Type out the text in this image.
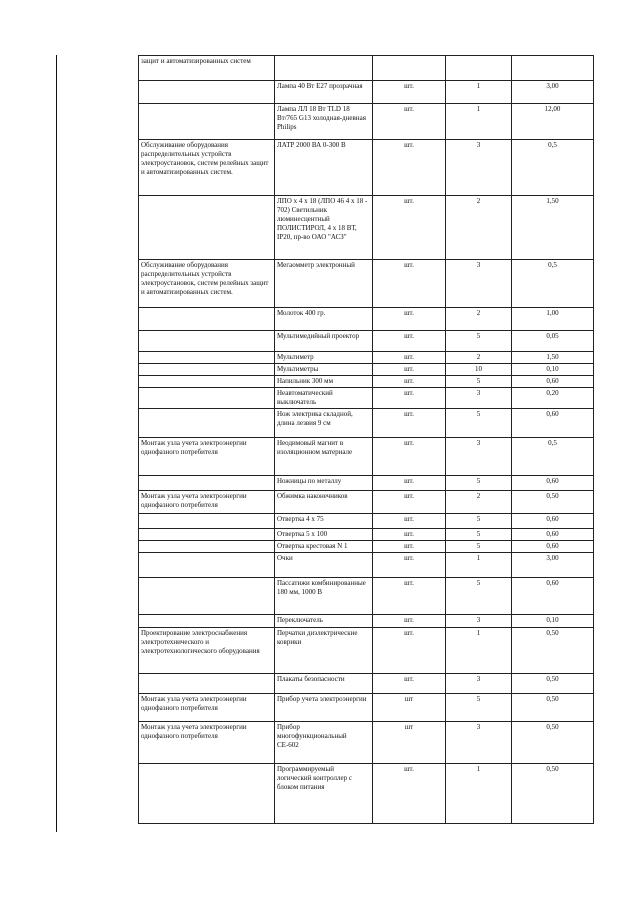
защит и автоматизированных систем				
	Лампа 40 Вт Е27 прозрачная	шт.	1	3,00
	Лампа ЛЛ 18 Вт TLD 18 Вт/765 G13 холодная-дневная Philips	шт.	1	12,00
Обслуживание оборудования распределительных устройств электроустановок, систем релейных защит и автоматизированных систем.	ЛАТР 2000 ВА 0-300 В	шт.	3	0,5
	ЛПО х 4 х 18 (ЛПО 46 4 х 18 - 702) Светильник люминесцентный ПОЛИСТИРОЛ, 4 х 18 ВТ, IP20, пр-во ОАО "АСЗ"	шт.	2	1,50
Обслуживание оборудования распределительных устройств электроустановок, систем релейных защит и автоматизированных систем.	Мегаомметр электронный	шт.	3	0,5
	Молоток 400 гр.	шт.	2	1,00
	Мультимедийный проектор	шт.	5	0,05
	Мультиметр	шт.	2	1,50
	Мультиметры	шт.	10	0,10
	Напильник 300 мм	шт.	5	0,60
	Неавтоматический выключатель	шт.	3	0,20
	Нож электрика складной, длина лезвия 9 см	шт.	5	0,60
Монтаж узла учета электроэнергии однофазного потребителя	Неодимовый магнит в изоляционном материале	шт.	3	0,5
	Ножницы по металлу	шт.	5	0,60
Монтаж узла учета электроэнергии однофазного потребителя	Обжимка наконечников	шт.	2	0,50
	Отвертка 4 х 75	шт.	5	0,60
	Отвертка 5 х 100	шт.	5	0,60
	Отвертка крестовая N 1	шт.	5	0,60
	Очки	шт.	1	3,00
	Пассатижи комбинированные 180 мм, 1000 В	шт.	5	0,60
	Переключатель	шт.	3	0,10
Проектирование электроснабжения электротехнического и электротехнологического оборудования	Перчатки диэлектрические коврики	шт.	1	0,50
	Плакаты безопасности	шт.	3	0,50
Монтаж узла учета электроэнергии однофазного потребителя	Прибор учета электроэнергии	шт	5	0,50
Монтаж узла учета электроэнергии однофазного потребителя	Прибор многофункциональный СЕ-602	шт	3	0,50
	Программируемый логический контроллер с блоком питания	шт.	1	0,50
